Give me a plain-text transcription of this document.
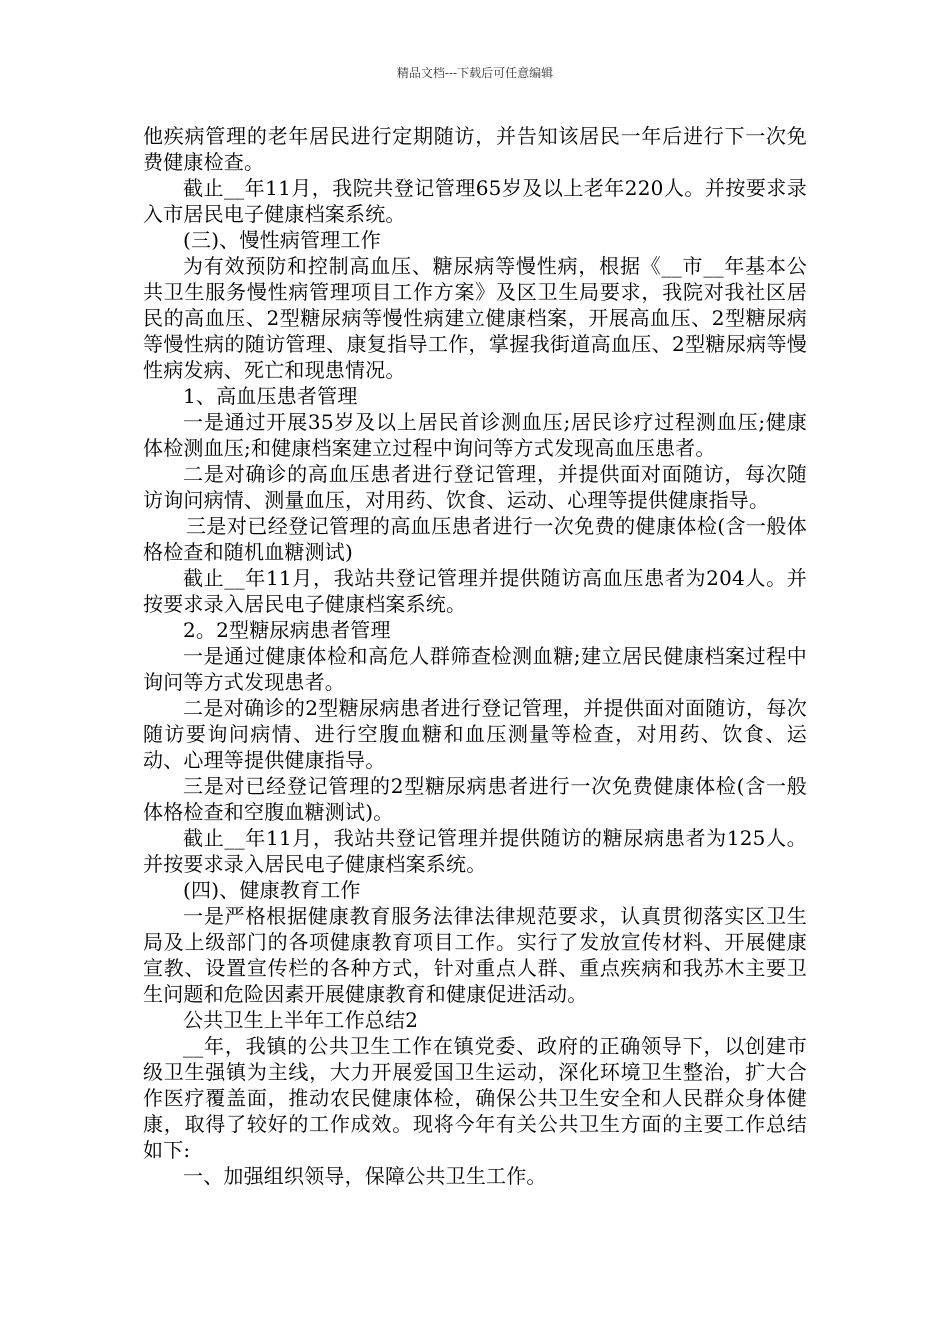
精品文档---下载后可任意编辑

他疾病管理的老年居民进行定期随访，并告知该居民一年后进行下一次免费健康检查。

截止__年11月，我院共登记管理65岁及以上老年220人。并按要求录入市居民电子健康档案系统。

(三)、慢性病管理工作

为有效预防和控制高血压、糖尿病等慢性病，根据《__市__年基本公共卫生服务慢性病管理项目工作方案》及区卫生局要求，我院对我社区居民的高血压、2型糖尿病等慢性病建立健康档案，开展高血压、2型糖尿病等慢性病的随访管理、康复指导工作，掌握我街道高血压、2型糖尿病等慢性病发病、死亡和现患情况。

1、高血压患者管理

一是通过开展35岁及以上居民首诊测血压;居民诊疗过程测血压;健康体检测血压;和健康档案建立过程中询问等方式发现高血压患者。

二是对确诊的高血压患者进行登记管理，并提供面对面随访，每次随访询问病情、测量血压，对用药、饮食、运动、心理等提供健康指导。

三是对已经登记管理的高血压患者进行一次免费的健康体检(含一般体格检查和随机血糖测试)

截止__年11月，我站共登记管理并提供随访高血压患者为204人。并按要求录入居民电子健康档案系统。

2。2型糖尿病患者管理

一是通过健康体检和高危人群筛查检测血糖;建立居民健康档案过程中询问等方式发现患者。

二是对确诊的2型糖尿病患者进行登记管理，并提供面对面随访，每次随访要询问病情、进行空腹血糖和血压测量等检查，对用药、饮食、运动、心理等提供健康指导。

三是对已经登记管理的2型糖尿病患者进行一次免费健康体检(含一般体格检查和空腹血糖测试)。

截止__年11月，我站共登记管理并提供随访的糖尿病患者为125人。并按要求录入居民电子健康档案系统。

(四)、健康教育工作

一是严格根据健康教育服务法律法律规范要求，认真贯彻落实区卫生局及上级部门的各项健康教育项目工作。实行了发放宣传材料、开展健康宣教、设置宣传栏的各种方式，针对重点人群、重点疾病和我苏木主要卫生问题和危险因素开展健康教育和健康促进活动。

公共卫生上半年工作总结2

__年，我镇的公共卫生工作在镇党委、政府的正确领导下，以创建市级卫生强镇为主线，大力开展爱国卫生运动，深化环境卫生整治，扩大合作医疗覆盖面，推动农民健康体检，确保公共卫生安全和人民群众身体健康，取得了较好的工作成效。现将今年有关公共卫生方面的主要工作总结如下:

一、加强组织领导，保障公共卫生工作。
